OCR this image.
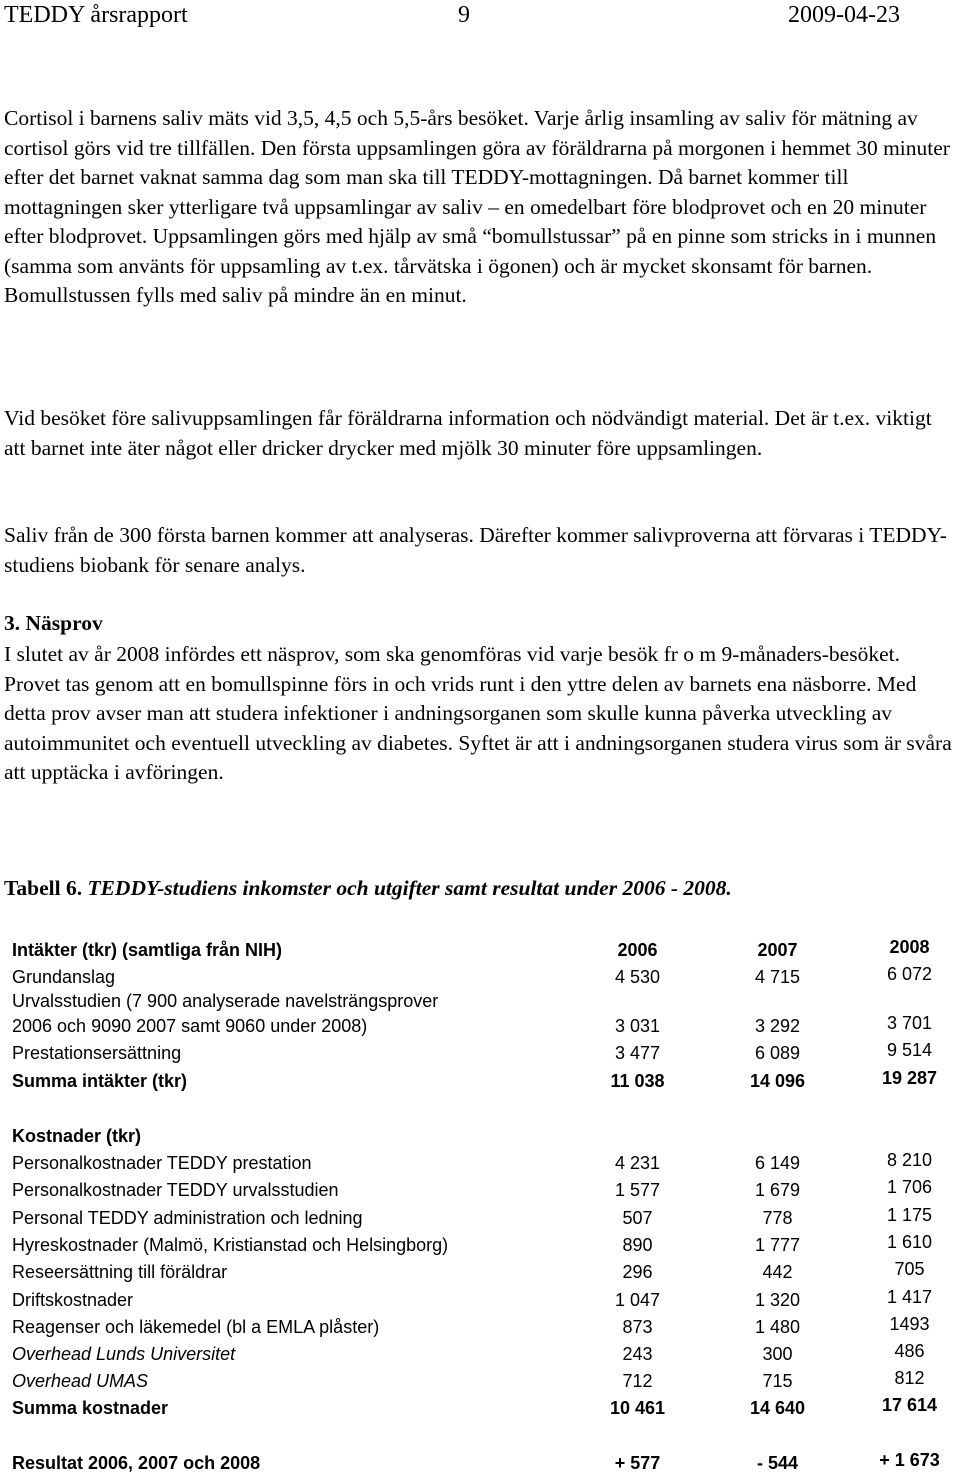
TEDDY årsrapport	9	2009-04-23

Cortisol i barnens saliv mäts vid 3,5, 4,5 och 5,5-års besöket. Varje årlig insamling av saliv för mätning av cortisol görs vid tre tillfällen. Den första uppsamlingen göra av föräldrarna på morgonen i hemmet 30 minuter efter det barnet vaknat samma dag som man ska till TEDDY-mottagningen. Då barnet kommer till mottagningen sker ytterligare två uppsamlingar av saliv – en omedelbart före blodprovet och en 20 minuter efter blodprovet. Uppsamlingen görs med hjälp av små “bomullstussar” på en pinne som stricks in i munnen (samma som använts för uppsamling av t.ex. tårvätska i ögonen) och är mycket skonsamt för barnen. Bomullstussen fylls med saliv på mindre än en minut.

Vid besöket före salivuppsamlingen får föräldrarna information och nödvändigt material. Det är t.ex. viktigt att barnet inte äter något eller dricker drycker med mjölk 30 minuter före uppsamlingen.

Saliv från de 300 första barnen kommer att analyseras. Därefter kommer salivproverna att förvaras i TEDDY-studiens biobank för senare analys.

3. Näsprov

I slutet av år 2008 infördes ett näsprov, som ska genomföras vid varje besök fr o m 9-månaders-besöket. Provet tas genom att en bomullspinne förs in och vrids runt i den yttre delen av barnets ena näsborre. Med detta prov avser man att studera infektioner i andningsorganen som skulle kunna påverka utveckling av autoimmunitet och eventuell utveckling av diabetes. Syftet är att i andningsorganen studera virus som är svåra att upptäcka i avföringen.

Tabell 6. TEDDY-studiens inkomster och utgifter samt resultat under 2006 - 2008.
Intäkter (tkr) (samtliga från NIH)	2006	2007	2008
Grundanslag	4 530	4 715	6 072
Urvalsstudien (7 900 analyserade navelsträngsprover
2006 och 9090 2007 samt 9060 under 2008)	3 031	3 292	3 701
Prestationsersättning	3 477	6 089	9 514
Summa intäkter (tkr)	11 038	14 096	19 287
Kostnader (tkr)
Personalkostnader TEDDY prestation	4 231	6 149	8 210
Personalkostnader TEDDY urvalsstudien	1 577	1 679	1 706
Personal TEDDY administration och ledning	507	778	1 175
Hyreskostnader (Malmö, Kristianstad och Helsingborg)	890	1 777	1 610
Reseersättning till föräldrar	296	442	705
Driftskostnader	1 047	1 320	1 417
Reagenser och läkemedel (bl a EMLA plåster)	873	1 480	1493
Overhead Lunds Universitet	243	300	486
Overhead UMAS	712	715	812
Summa kostnader	10 461	14 640	17 614
Resultat 2006, 2007 och 2008	+ 577	- 544	+ 1 673
